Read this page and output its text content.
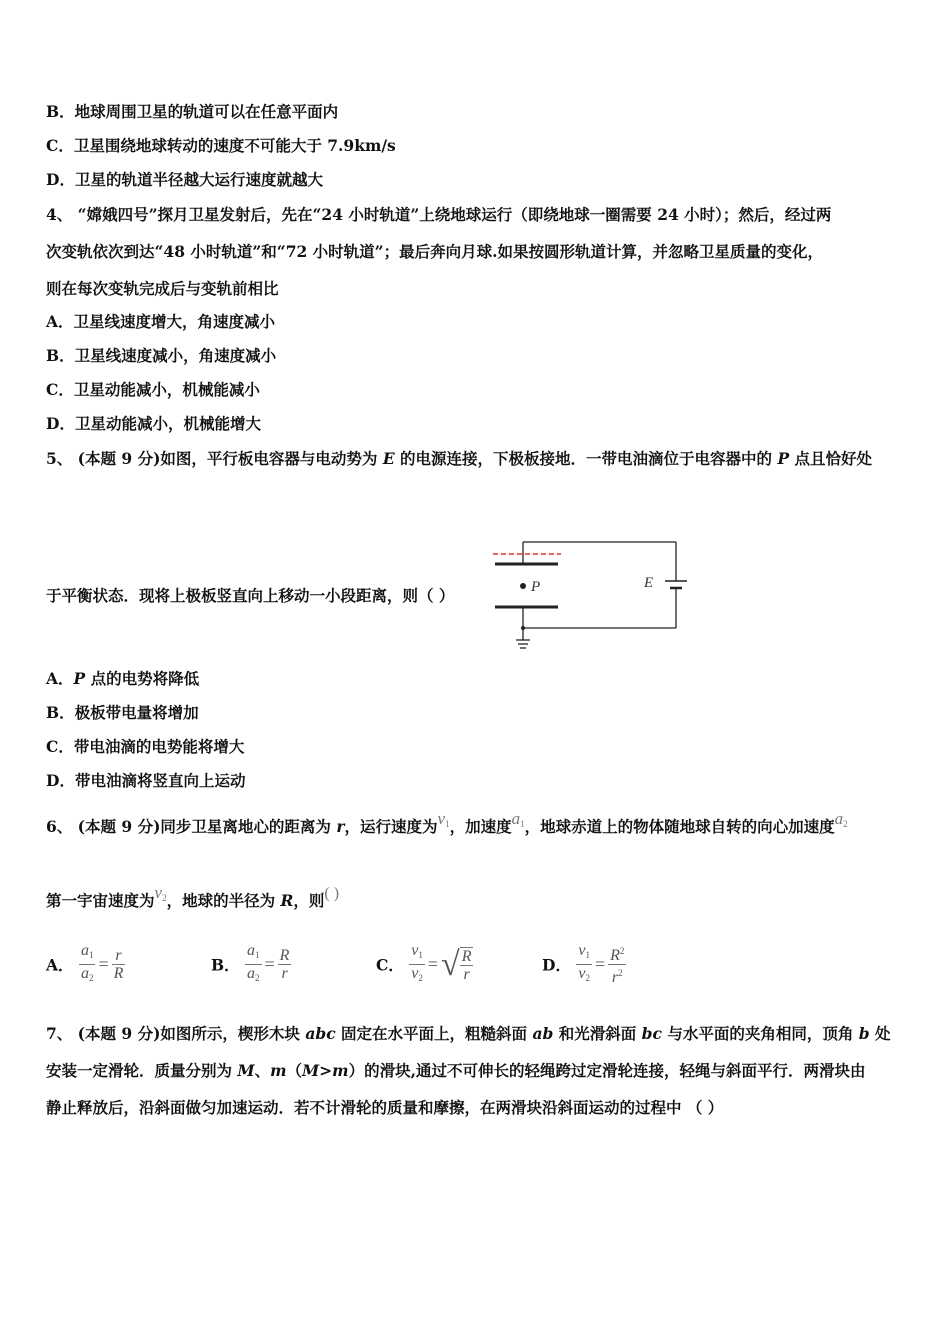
B．地球周围卫星的轨道可以在任意平面内
C．卫星围绕地球转动的速度不可能大于 7.9km/s
D．卫星的轨道半径越大运行速度就越大
4、 “嫦娥四号”探月卫星发射后，先在“24 小时轨道”上绕地球运行（即绕地球一圈需要 24 小时）；然后，经过两
次变轨依次到达“48 小时轨道”和“72 小时轨道”；最后奔向月球.如果按圆形轨道计算，并忽略卫星质量的变化，
则在每次变轨完成后与变轨前相比
A．卫星线速度增大，角速度减小
B．卫星线速度减小，角速度减小
C．卫星动能减小，机械能减小
D．卫星动能减小，机械能增大
5、 (本题 9 分)如图，平行板电容器与电动势为 E 的电源连接，下极板接地．一带电油滴位于电容器中的 P 点且恰好处
于平衡状态．现将上极板竖直向上移动一小段距离，则（ ）	P	E
A．P 点的电势将降低
B．极板带电量将增加
C．带电油滴的电势能将增大
D．带电油滴将竖直向上运动
6、 (本题 9 分)同步卫星离地心的距离为 r，运行速度为$v_1$，加速度$a_1$，地球赤道上的物体随地球自转的向心加速度$a_2$
第一宇宙速度为$v_2$，地球的半径为 R，则( )
A． $\frac{a_1}{a_2} = \frac{r}{R}$	B． $\frac{a_1}{a_2} = \frac{R}{r}$	C． $\frac{v_1}{v_2}$ =√ $\frac{R}{r}$	D． $\frac{v_1}{v_2} = \frac{R^2}{r^2}$
7、 (本题 9 分)如图所示，楔形木块 abc 固定在水平面上，粗糙斜面 ab 和光滑斜面 bc 与水平面的夹角相同，顶角 b 处
安装一定滑轮．质量分别为 M、m（M>m）的滑块,通过不可伸长的轻绳跨过定滑轮连接，轻绳与斜面平行．两滑块由
静止释放后，沿斜面做匀加速运动．若不计滑轮的质量和摩擦，在两滑块沿斜面运动的过程中 （ ）
